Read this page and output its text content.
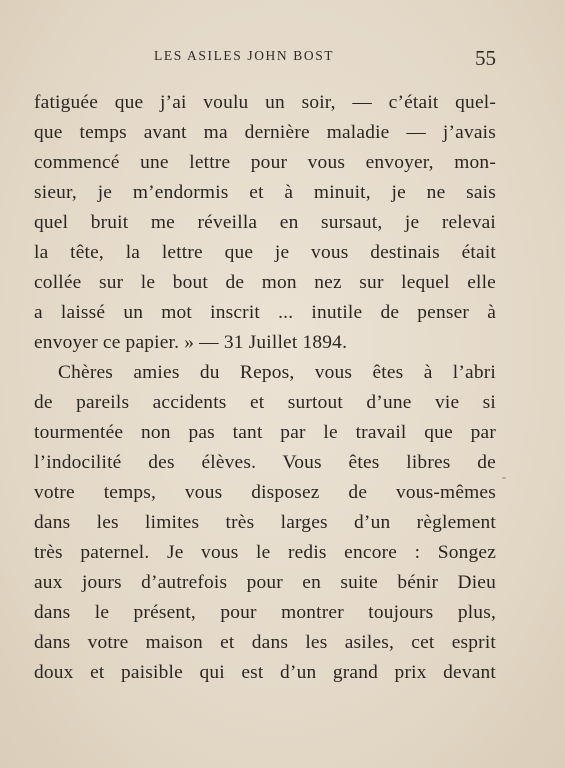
LES ASILES JOHN BOST	55
fatiguée que j’ai voulu un soir, — c’était quel-
que temps avant ma dernière maladie — j’avais
commencé une lettre pour vous envoyer, mon-
sieur, je m’endormis et à minuit, je ne sais
quel bruit me réveilla en sursaut, je relevai
la tête, la lettre que je vous destinais était
collée sur le bout de mon nez sur lequel elle
a laissé un mot inscrit ... inutile de penser à
envoyer ce papier. » — 31 Juillet 1894.
Chères amies du Repos, vous êtes à l’abri
de pareils accidents et surtout d’une vie si
tourmentée non pas tant par le travail que par
l’indocilité des élèves. Vous êtes libres de
votre temps, vous disposez de vous-mêmes
dans les limites très larges d’un règlement
très paternel. Je vous le redis encore : Songez
aux jours d’autrefois pour en suite bénir Dieu
dans le présent, pour montrer toujours plus,
dans votre maison et dans les asiles, cet esprit
doux et paisible qui est d’un grand prix devant
-
